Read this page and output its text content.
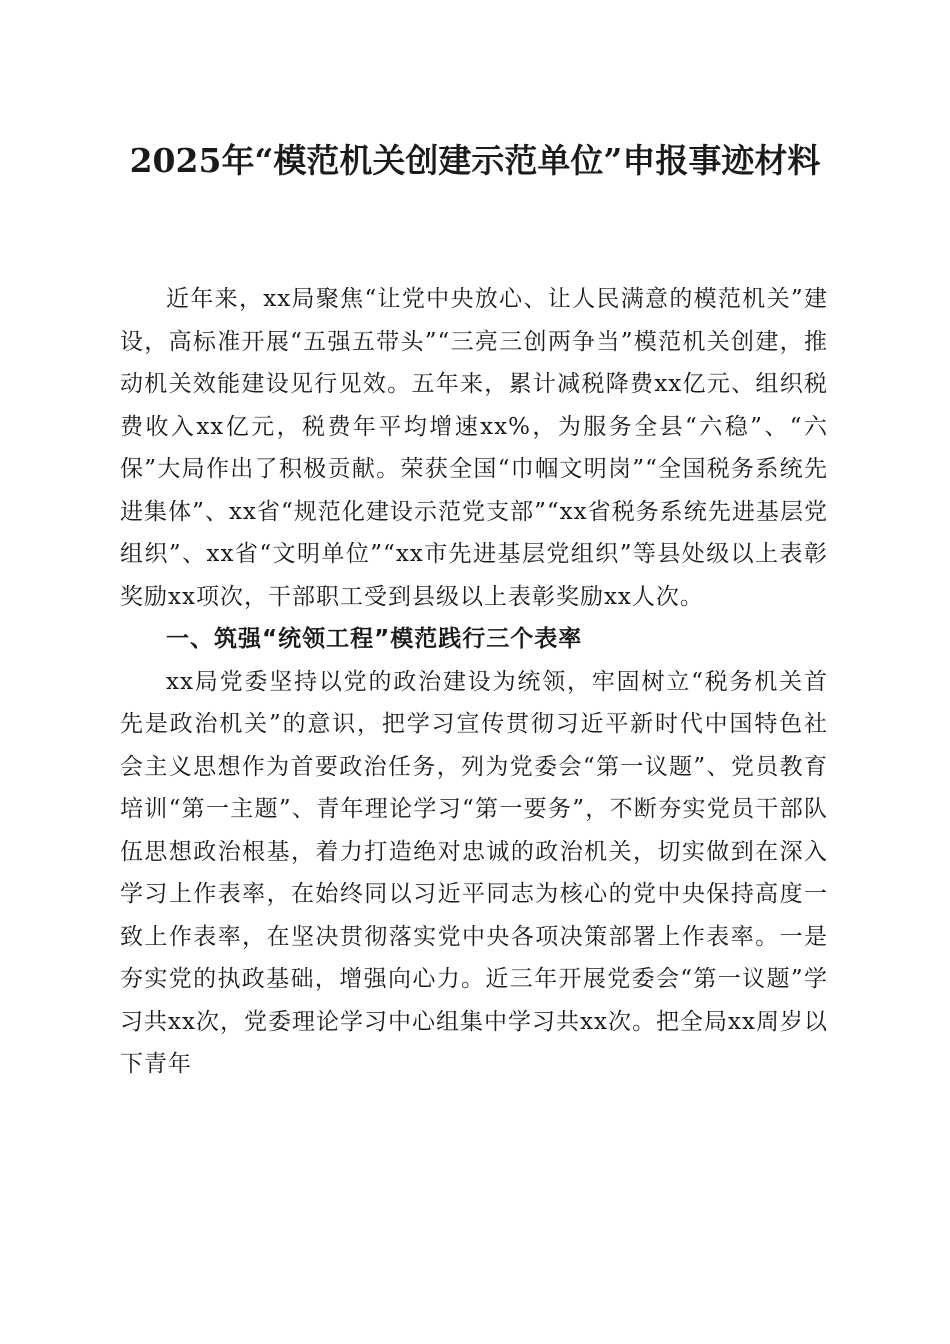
2025年“模范机关创建示范单位”申报事迹材料

近年来，xx局聚焦“让党中央放心、让人民满意的模范机关”建设，高标准开展“五强五带头”“三亮三创两争当”模范机关创建，推动机关效能建设见行见效。五年来，累计减税降费xx亿元、组织税费收入xx亿元，税费年平均增速xx%，为服务全县“六稳”、“六保”大局作出了积极贡献。荣获全国“巾帼文明岗”“全国税务系统先进集体”、xx省“规范化建设示范党支部”“xx省税务系统先进基层党组织”、xx省“文明单位”“xx市先进基层党组织”等县处级以上表彰奖励xx项次，干部职工受到县级以上表彰奖励xx人次。

一、筑强“统领工程”模范践行三个表率

xx局党委坚持以党的政治建设为统领，牢固树立“税务机关首先是政治机关”的意识，把学习宣传贯彻习近平新时代中国特色社会主义思想作为首要政治任务，列为党委会“第一议题”、党员教育培训“第一主题”、青年理论学习“第一要务”，不断夯实党员干部队伍思想政治根基，着力打造绝对忠诚的政治机关，切实做到在深入学习上作表率，在始终同以习近平同志为核心的党中央保持高度一致上作表率，在坚决贯彻落实党中央各项决策部署上作表率。一是夯实党的执政基础，增强向心力。近三年开展党委会“第一议题”学习共xx次，党委理论学习中心组集中学习共xx次。把全局xx周岁以下青年
